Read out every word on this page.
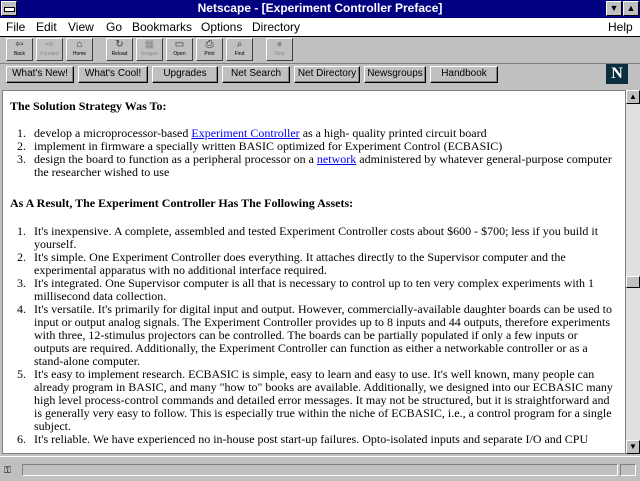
Netscape - [Experiment Controller Preface]	▼ ▲
File Edit View Go Bookmarks Options Directory	Help
⇦
Back
⇨
Forward
⌂
Home
↻
Reload
▦
Images
▭
Open
⎙
Print
⌕
Find
●
Stop
What's New!	What's Cool!	Upgrades	Net Search	Net Directory	Newsgroups	Handbook	N
The Solution Strategy Was To:
1. develop a microprocessor-based Experiment Controller as a high- quality printed circuit board
2. implement in firmware a specially written BASIC optimized for Experiment Control (ECBASIC)
3. design the board to function as a peripheral processor on a network administered by whatever general-purpose computer the researcher wished to use
As A Result, The Experiment Controller Has The Following Assets:
1. It's inexpensive. A complete, assembled and tested Experiment Controller costs about $600 - $700; less if you build it yourself.
2. It's simple. One Experiment Controller does everything. It attaches directly to the Supervisor computer and the experimental apparatus with no additional interface required.
3. It's integrated. One Supervisor computer is all that is necessary to control up to ten very complex experiments with 1 millisecond data collection.
4. It's versatile. It's primarily for digital input and output. However, commercially-available daughter boards can be used to input or output analog signals. The Experiment Controller provides up to 8 inputs and 44 outputs, therefore experiments with three, 12-stimulus projectors can be controlled. The boards can be partially populated if only a few inputs or outputs are required. Additionally, the Experiment Controller can function as either a networkable controller or as a stand-alone computer.
5. It's easy to implement research. ECBASIC is simple, easy to learn and easy to use. It's well known, many people can already program in BASIC, and many "how to" books are available. Additionally, we designed into our ECBASIC many high level process-control commands and detailed error messages. It may not be structured, but it is straightforward and is generally very easy to follow. This is especially true within the niche of ECBASIC, i.e., a control program for a single subject.
6. It's reliable. We have experienced no in-house post start-up failures. Opto-isolated inputs and separate I/O and CPU
▲
▼
⚿
